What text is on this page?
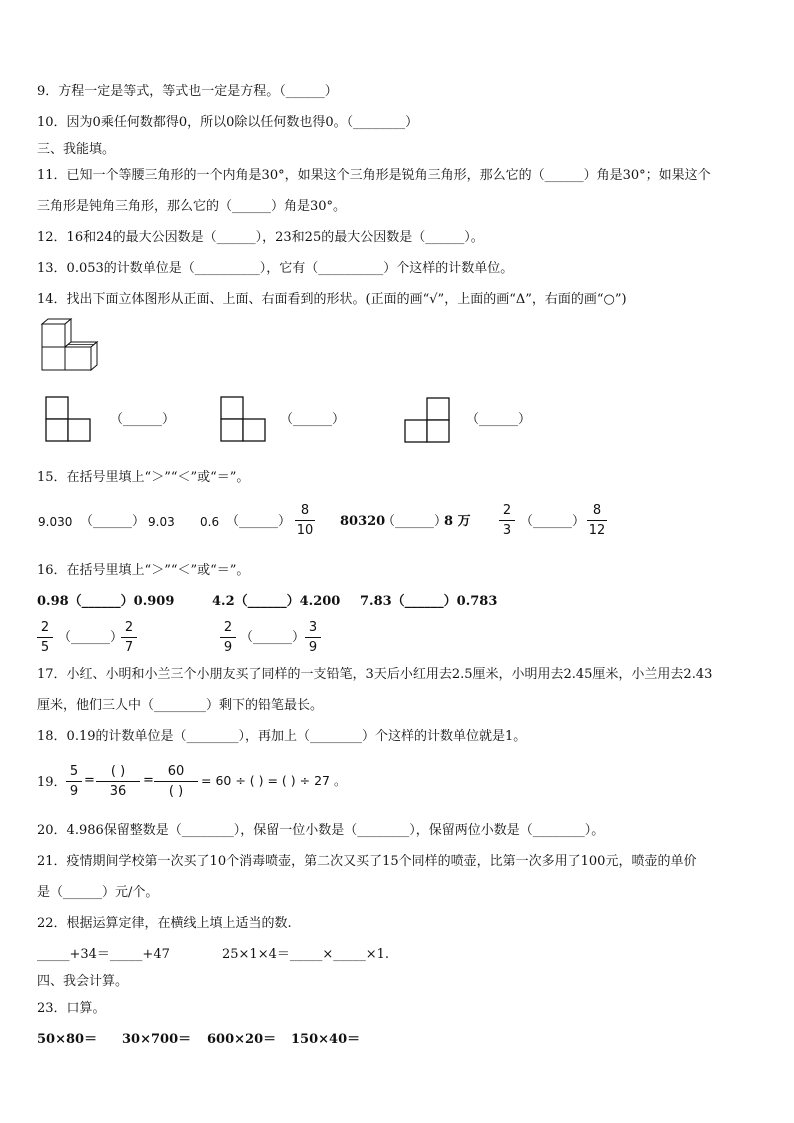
9．方程一定是等式，等式也一定是方程。（______）
10．因为0乘任何数都得0，所以0除以任何数也得0。（________）
三、我能填。
11．已知一个等腰三角形的一个内角是30°，如果这个三角形是锐角三角形，那么它的（______）角是30°；如果这个
三角形是钝角三角形，那么它的（______）角是30°。
12．16和24的最大公因数是（______），23和25的最大公因数是（______）。
13．0.053的计数单位是（__________），它有（__________）个这样的计数单位。
14．找出下面立体图形从正面、上面、右面看到的形状。(正面的画“√”，上面的画“Δ”，右面的画“○”)
（______）	（______）	（______）
15．在括号里填上“＞”“＜”或“＝”。
9.030 （______） 9.03 0.6 （______）
8
10
80320
（______）
8 万
2
3
（______）
8
12
16．在括号里填上“＞”“＜”或“＝”。
0.98（______）0.909	4.2（______）4.200 7.83（______）0.783
2
5
（______）
2
7
2
9
（______）
3
9
17．小红、小明和小兰三个小朋友买了同样的一支铅笔，3天后小红用去2.5厘米，小明用去2.45厘米，小兰用去2.43
厘米，他们三人中（________）剩下的铅笔最长。
18．0.19的计数单位是（________），再加上（________）个这样的计数单位就是1。
19．
5
9
=
( )
36
=
60
( )
= 60 ÷ ( ) = ( ) ÷ 27 。
20．4.986保留整数是（________），保留一位小数是（________），保留两位小数是（________）。
21．疫情期间学校第一次买了10个消毒喷壶，第二次又买了15个同样的喷壶，比第一次多用了100元，喷壶的单价
是（______）元/个。
22．根据运算定律，在横线上填上适当的数.
_____+34＝_____+47	25×1×4＝_____×_____×1.
四、我会计算。
23．口算。
50×80＝ 30×700＝ 600×20＝ 150×40＝
